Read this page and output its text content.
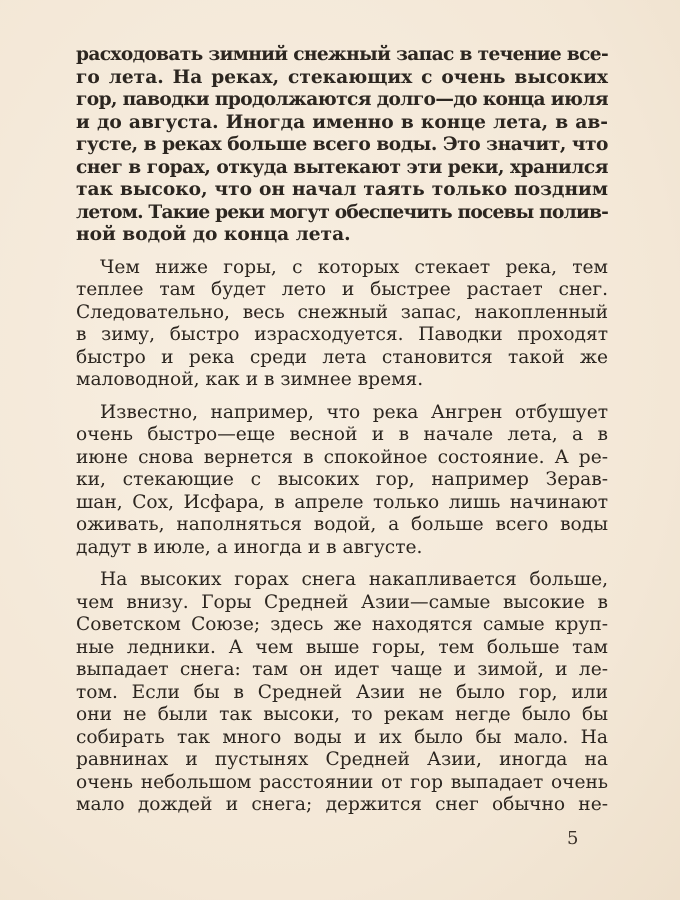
расходовать зимний снежный запас в течение все-
го лета. На реках, стекающих с очень высоких
гор, паводки продолжаются долго—до конца июля
и до августа. Иногда именно в конце лета, в ав-
густе, в реках больше всего воды. Это значит, что
снег в горах, откуда вытекают эти реки, хранился
так высоко, что он начал таять только поздним
летом. Такие реки могут обеспечить посевы полив-
ной водой до конца лета.

Чем ниже горы, с которых стекает река, тем
теплее там будет лето и быстрее растает снег.
Следовательно, весь снежный запас, накопленный
в зиму, быстро израсходуется. Паводки проходят
быстро и река среди лета становится такой же
маловодной, как и в зимнее время.

Известно, например, что река Ангрен отбушует
очень быстро—еще весной и в начале лета, а в
июне снова вернется в спокойное состояние. А ре-
ки, стекающие с высоких гор, например Зерав-
шан, Сох, Исфара, в апреле только лишь начинают
оживать, наполняться водой, а больше всего воды
дадут в июле, а иногда и в августе.

На высоких горах снега накапливается больше,
чем внизу. Горы Средней Азии—самые высокие в
Советском Союзе; здесь же находятся самые круп-
ные ледники. А чем выше горы, тем больше там
выпадает снега: там он идет чаще и зимой, и ле-
том. Если бы в Средней Азии не было гор, или
они не были так высоки, то рекам негде было бы
собирать так много воды и их было бы мало. На
равнинах и пустынях Средней Азии, иногда на
очень небольшом расстоянии от гор выпадает очень
мало дождей и снега; держится снег обычно не-

5
